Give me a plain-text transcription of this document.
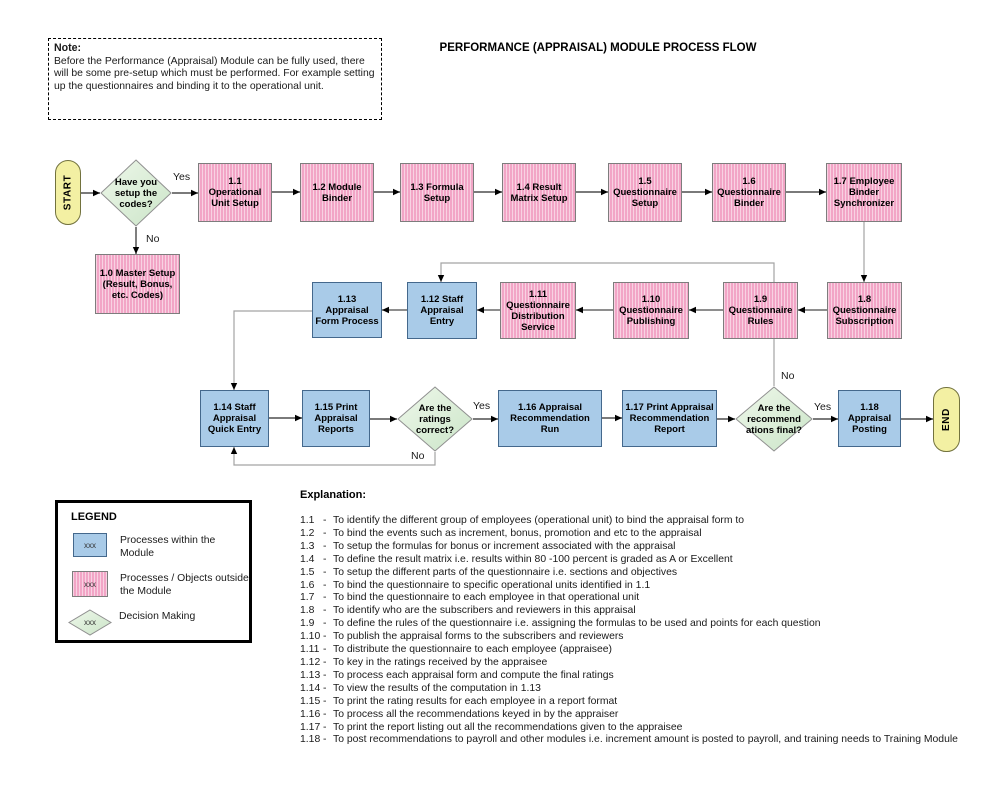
PERFORMANCE (APPRAISAL) MODULE PROCESS FLOW
Note:
Before the Performance (Appraisal) Module can be fully used, there will be some pre-setup which must be performed. For example setting up the questionnaires and binding it to the operational unit.
START	Have you setup the codes?
1.0 Master Setup (Result, Bonus, etc. Codes)
1.1 Operational Unit Setup
1.2 Module Binder
1.3 Formula Setup
1.4 Result Matrix Setup
1.5 Questionnaire Setup
1.6 Questionnaire Binder
1.7 Employee Binder Synchronizer
1.8 Questionnaire Subscription
1.9 Questionnaire Rules
1.10 Questionnaire Publishing
1.11 Questionnaire Distribution Service
1.12 Staff Appraisal Entry
1.13 Appraisal Form Process
1.14 Staff Appraisal Quick Entry
1.15 Print Appraisal Reports
Are the ratings correct?
1.16 Appraisal Recommendation Run
1.17 Print Appraisal Recommendation Report
Are the recommend ations final?
1.18 Appraisal Posting	END
Yes
No
Yes
No
Yes
No
LEGEND
xxx	Processes within the Module
xxx	Processes / Objects outside the Module
xxx
Decision Making
Explanation:
1.1 - To identify the different group of employees (operational unit) to bind the appraisal form to
1.2 - To bind the events such as increment, bonus, promotion and etc to the appraisal
1.3 - To setup the formulas for bonus or increment associated with the appraisal
1.4 - To define the result matrix i.e. results within 80 -100 percent is graded as A or Excellent
1.5 - To setup the different parts of the questionnaire i.e. sections and objectives
1.6 - To bind the questionnaire to specific operational units identified in 1.1
1.7 - To bind the questionnaire to each employee in that operational unit
1.8 - To identify who are the subscribers and reviewers in this appraisal
1.9 - To define the rules of the questionnaire i.e. assigning the formulas to be used and points for each question
1.10 - To publish the appraisal forms to the subscribers and reviewers
1.11 - To distribute the questionnaire to each employee (appraisee)
1.12 - To key in the ratings received by the appraisee
1.13 - To process each appraisal form and compute the final ratings
1.14 - To view the results of the computation in 1.13
1.15 - To print the rating results for each employee in a report format
1.16 - To process all the recommendations keyed in by the appraiser
1.17 - To print the report listing out all the recommendations given to the appraisee
1.18 - To post recommendations to payroll and other modules i.e. increment amount is posted to payroll, and training needs to Training Module
